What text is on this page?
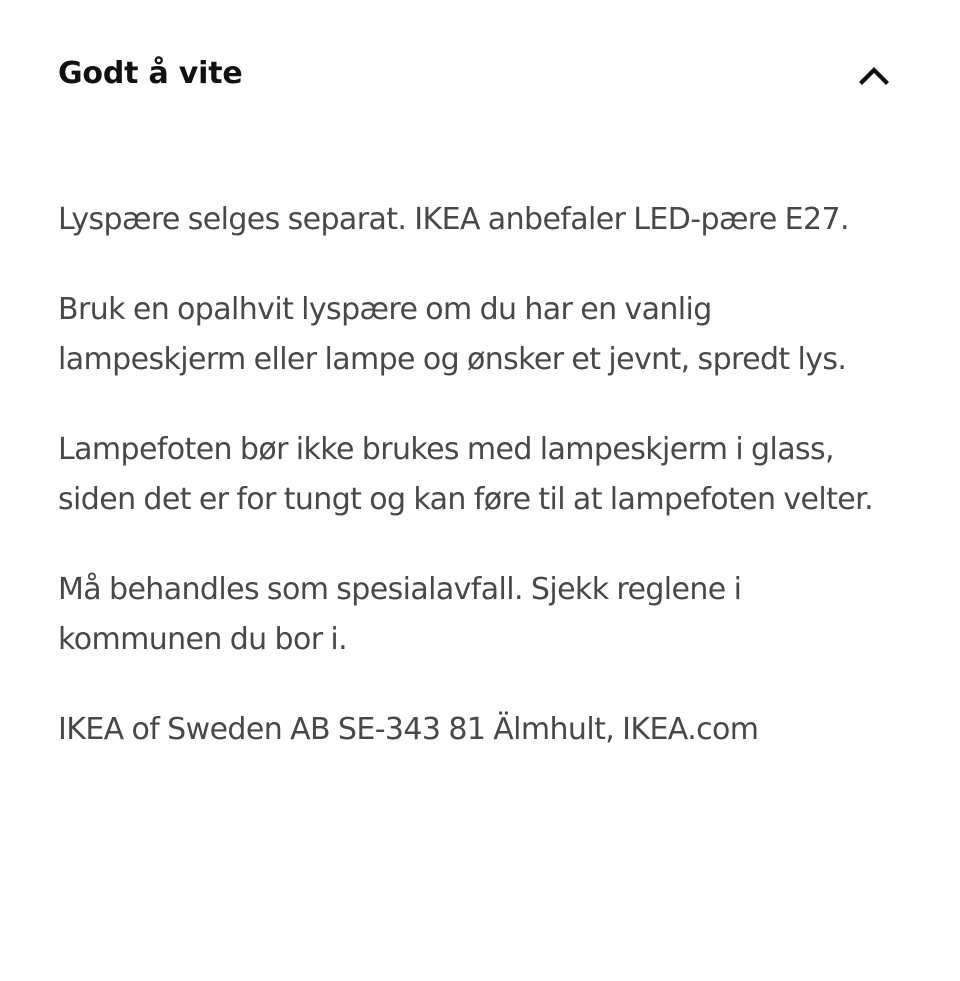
Godt å vite

Lyspære selges separat. IKEA anbefaler LED-pære E27.

Bruk en opalhvit lyspære om du har en vanlig lampeskjerm eller lampe og ønsker et jevnt, spredt lys.

Lampefoten bør ikke brukes med lampeskjerm i glass, siden det er for tungt og kan føre til at lampefoten velter.

Må behandles som spesialavfall. Sjekk reglene i kommunen du bor i.

IKEA of Sweden AB SE-343 81 Älmhult, IKEA.com
